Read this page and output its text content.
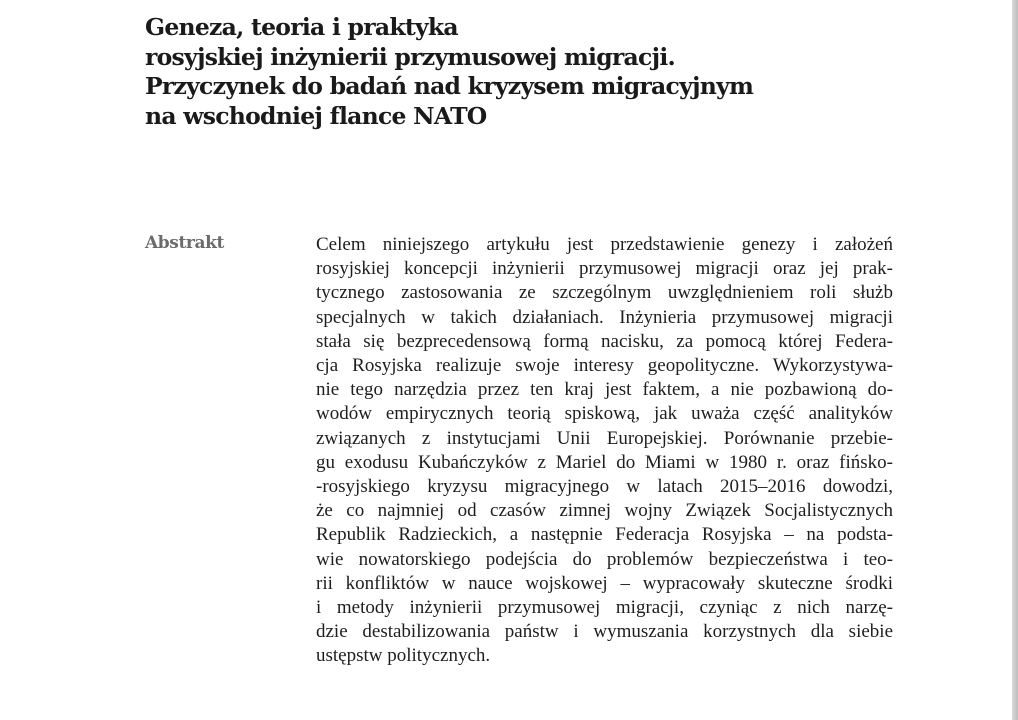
Geneza, teoria i praktyka
rosyjskiej inżynierii przymusowej migracji.
Przyczynek do badań nad kryzysem migracyjnym
na wschodniej flance NATO
Abstrakt	Celem niniejszego artykułu jest przedstawienie genezy i założeń
rosyjskiej koncepcji inżynierii przymusowej migracji oraz jej prak-
tycznego zastosowania ze szczególnym uwzględnieniem roli służb
specjalnych w takich działaniach. Inżynieria przymusowej migracji
stała się bezprecedensową formą nacisku, za pomocą której Federa-
cja Rosyjska realizuje swoje interesy geopolityczne. Wykorzystywa-
nie tego narzędzia przez ten kraj jest faktem, a nie pozbawioną do-
wodów empirycznych teorią spiskową, jak uważa część analityków
związanych z instytucjami Unii Europejskiej. Porównanie przebie-
gu exodusu Kubańczyków z Mariel do Miami w 1980 r. oraz fińsko-
-rosyjskiego kryzysu migracyjnego w latach 2015–2016 dowodzi,
że co najmniej od czasów zimnej wojny Związek Socjalistycznych
Republik Radzieckich, a następnie Federacja Rosyjska – na podsta-
wie nowatorskiego podejścia do problemów bezpieczeństwa i teo-
rii konfliktów w nauce wojskowej – wypracowały skuteczne środki
i metody inżynierii przymusowej migracji, czyniąc z nich narzę-
dzie destabilizowania państw i wymuszania korzystnych dla siebie
ustępstw politycznych.
